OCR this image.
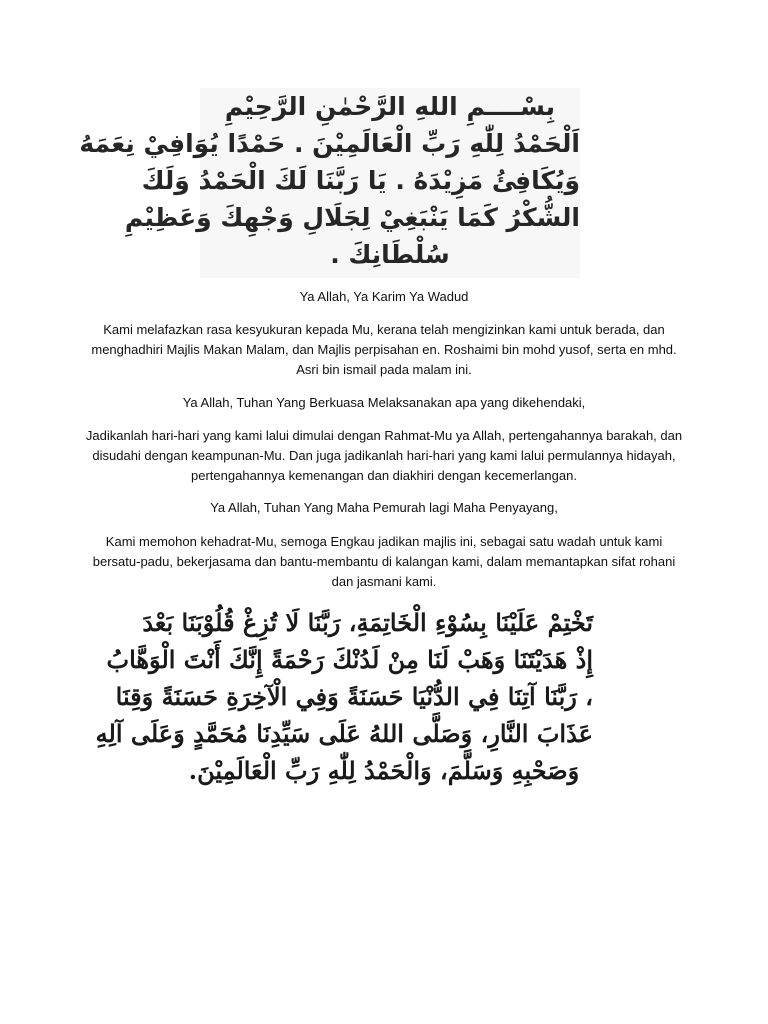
بِسْــــمِ اللهِ الرَّحْمٰنِ الرَّحِيْمِ
اَلْحَمْدُ لِلّٰهِ رَبِّ الْعَالَمِيْنَ . حَمْدًا يُوَافِيْ نِعَمَهُ
وَيُكَافِئُ مَزِيْدَهُ . يَا رَبَّنَا لَكَ الْحَمْدُ وَلَكَ
الشُّكْرُ كَمَا يَنْبَغِيْ لِجَلَالِ وَجْهِكَ وَعَظِيْمِ
سُلْطَانِكَ .

Ya Allah, Ya Karim Ya Wadud

Kami melafazkan rasa kesyukuran kepada Mu, kerana telah mengizinkan kami untuk berada, dan menghadhiri Majlis Makan Malam, dan Majlis perpisahan en. Roshaimi bin mohd yusof, serta en mhd. Asri bin ismail pada malam ini.

Ya Allah, Tuhan Yang Berkuasa Melaksanakan apa yang dikehendaki,

Jadikanlah hari-hari yang kami lalui dimulai dengan Rahmat-Mu ya Allah, pertengahannya barakah, dan disudahi dengan keampunan-Mu. Dan juga jadikanlah hari-hari yang kami lalui permulannya hidayah, pertengahannya kemenangan dan diakhiri dengan kecemerlangan.

Ya Allah, Tuhan Yang Maha Pemurah lagi Maha Penyayang,

Kami memohon kehadrat-Mu, semoga Engkau jadikan majlis ini, sebagai satu wadah untuk kami bersatu-padu, bekerjasama dan bantu-membantu di kalangan kami, dalam memantapkan sifat rohani dan jasmani kami.

تَخْتِمْ عَلَيْنَا بِسُوْءِ الْخَاتِمَةِ، رَبَّنَا لَا تُزِغْ قُلُوْبَنَا بَعْدَ
إِذْ هَدَيْتَنَا وَهَبْ لَنَا مِنْ لَدُنْكَ رَحْمَةً إِنَّكَ أَنْتَ الْوَهَّابُ
، رَبَّنَا آتِنَا فِي الدُّنْيَا حَسَنَةً وَفِي الْآخِرَةِ حَسَنَةً وَقِنَا
عَذَابَ النَّارِ، وَصَلَّى اللهُ عَلَى سَيِّدِنَا مُحَمَّدٍ وَعَلَى آلِهِ
وَصَحْبِهِ وَسَلَّمَ، وَالْحَمْدُ لِلّٰهِ رَبِّ الْعَالَمِيْنَ.
